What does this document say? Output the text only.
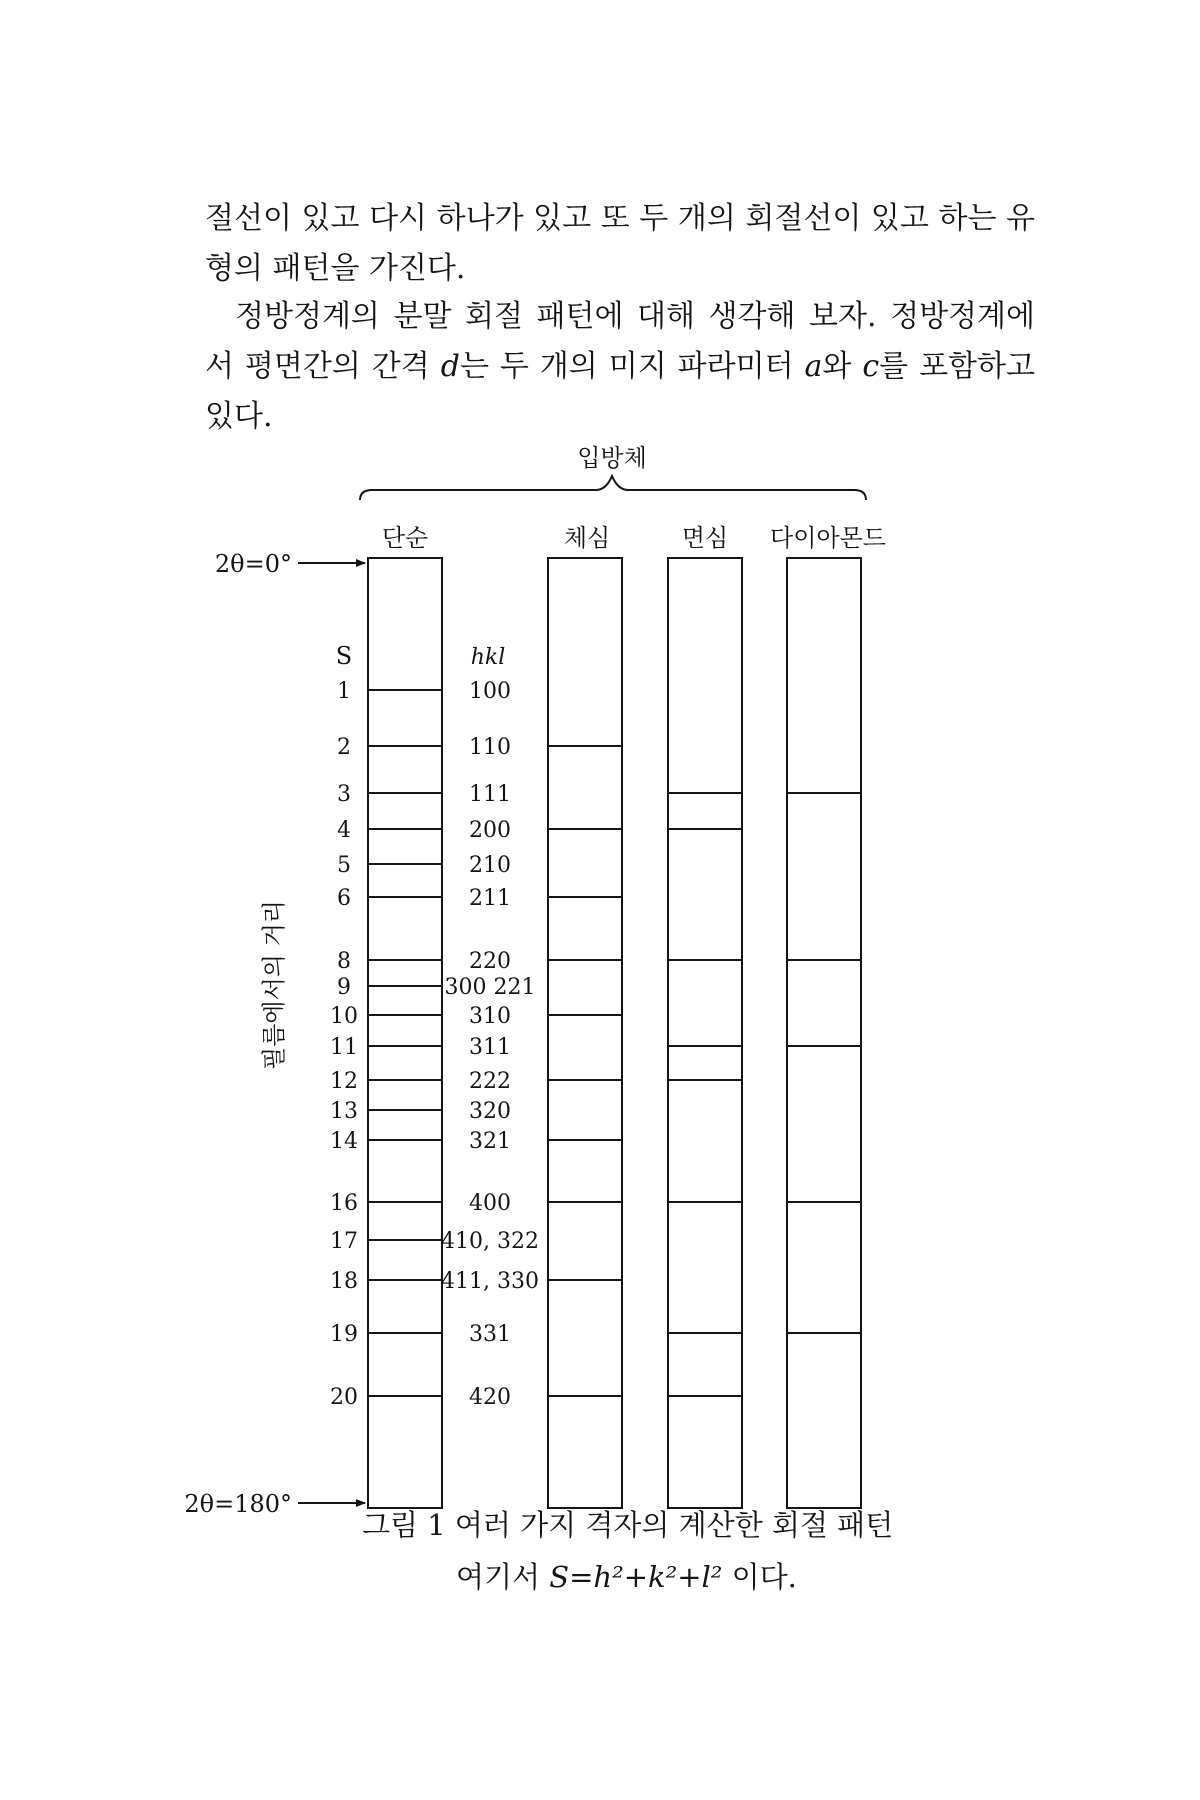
절선이 있고 다시 하나가 있고 또 두 개의 회절선이 있고 하는 유형의 패턴을 가진다.

정방정계의 분말 회절 패턴에 대해 생각해 보자. 정방정계에서 평면간의 간격 d는 두 개의 미지 파라미터 a와 c를 포함하고 있다.

입방체
단순	체심	면심 다이아몬드
2θ=0°
2θ=180°
필름에서의 거리
S	hkl
1	100
2	110
3	111
4	200
5	210
6	211
8	220
9	300 221
10	310
11	311
12	222
13	320
14	321
16	400
17	410, 322
18	411, 330
19	331
20	420

그림 1 여러 가지 격자의 계산한 회절 패턴

여기서 S=h²+k²+l² 이다.
